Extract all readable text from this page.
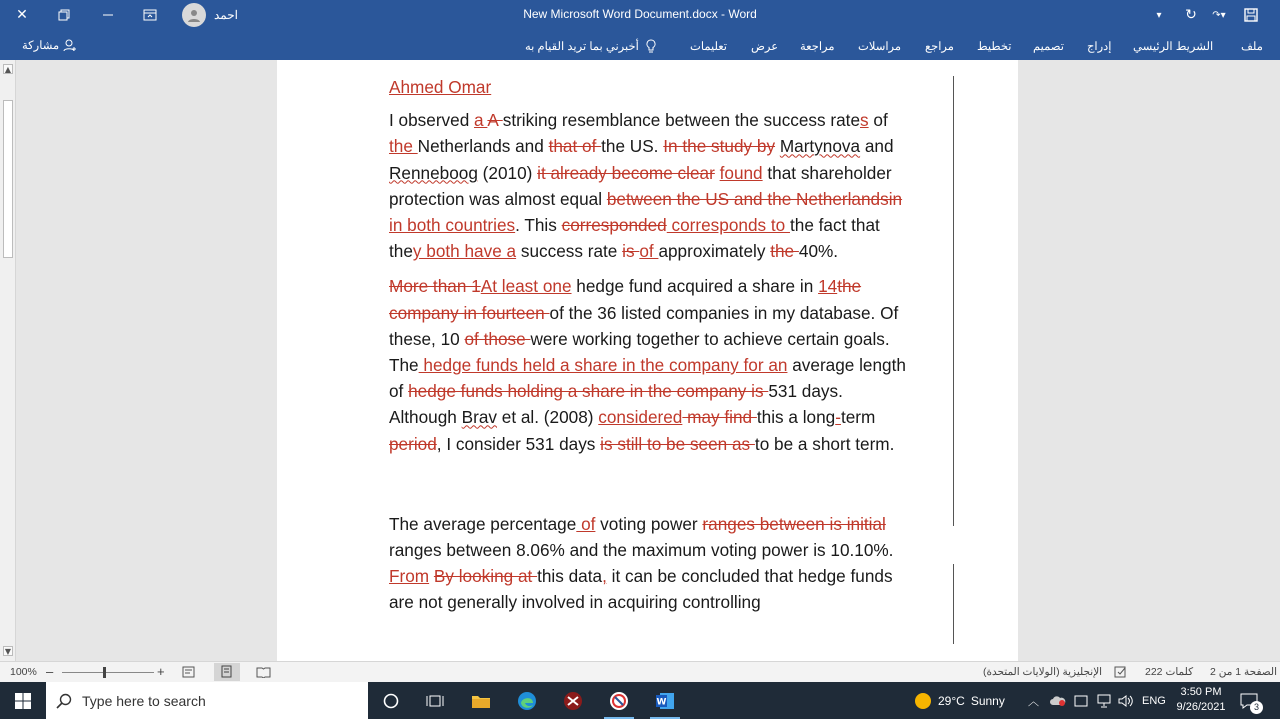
✕	احمد	New Microsoft Word Document.docx - Word	▾	↻	↷▾
مشاركة	أخبرني بما تريد القيام به	تعليمات عرض مراجعة مراسلات مراجع تخطيط تصميم إدراج الشريط الرئيسي ملف
▲
▼

Ahmed Omar

I observed a A striking resemblance between the success rates of the Netherlands and that of the US. In the study by Martynova and Renneboog (2010) it already become clear found that shareholder protection was almost equal between the US and the Netherlandsin in both countries. This corresponded corresponds to the fact that they both have a success rate is of approximately the 40%.

More than 1At least one hedge fund acquired a share in 14the company in fourteen of the 36 listed companies in my database. Of these, 10 of those were working together to achieve certain goals. The hedge funds held a share in the company for an average length of hedge funds holding a share in the company is 531 days. Although Brav et al. (2008) considered may find this a long-term period, I consider 531 days is still to be seen as to be a short term.

The average percentage of voting power ranges between is initial ranges between 8.06% and the maximum voting power is 10.10%. From By looking at this data, it can be concluded that hedge funds are not generally involved in acquiring controlling

100% –	+	الإنجليزية (الولايات المتحدة)	222 كلمات الصفحة 1 من 2
Type here to search	W	29°C Sunny ︿	ENG
3:50 PM
9/26/2021	3
